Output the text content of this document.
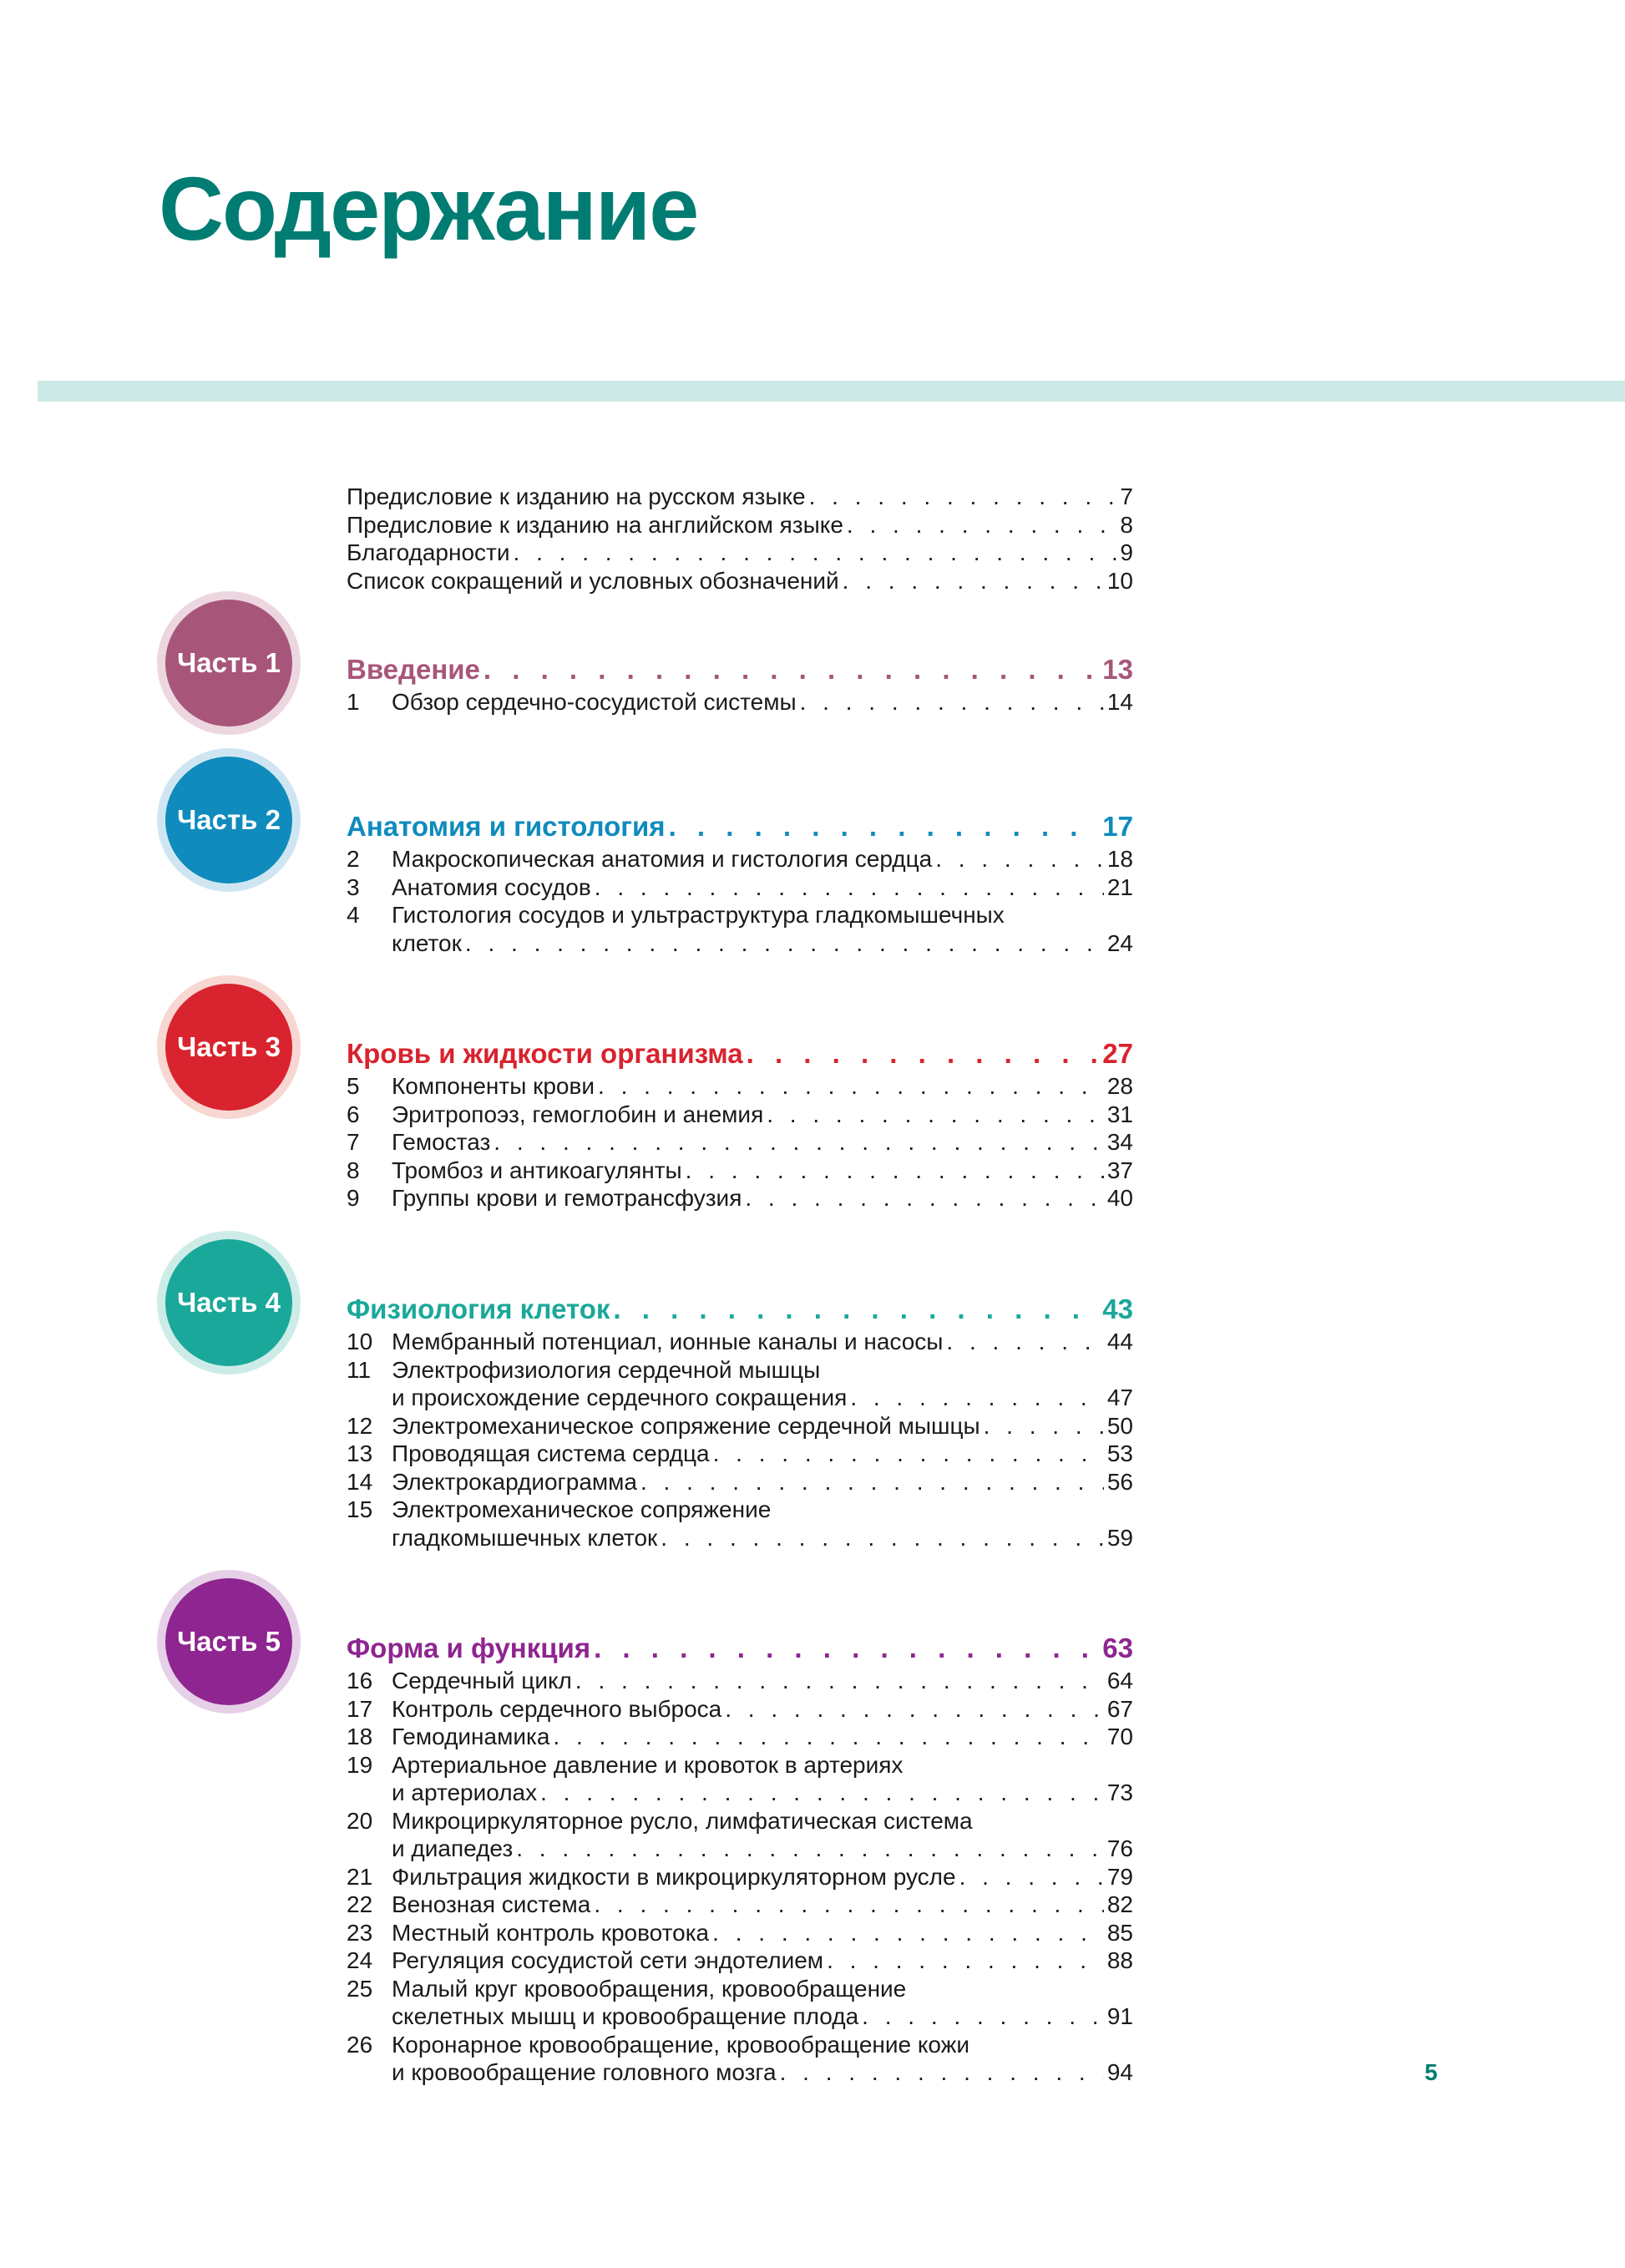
Содержание
Предисловие к изданию на русском языке . . .	7
Предисловие к изданию на английском языке . . .	8
Благодарности . . .	9
Список сокращений и условных обозначений . . .	10
Часть 1	Введение . . .	13
1	Обзор сердечно-сосудистой системы . . .	14
Часть 2	Анатомия и гистология . . .	17
2	Макроскопическая анатомия и гистология сердца . . .	18
3	Анатомия сосудов . . .	21
4	Гистология сосудов и ультраструктура гладкомышечных
клеток . . .	24
Часть 3	Кровь и жидкости организма . . .	27
5	Компоненты крови . . .	28
6	Эритропоэз, гемоглобин и анемия . . .	31
7	Гемостаз . . .	34
8	Тромбоз и антикоагулянты . . .	37
9	Группы крови и гемотрансфузия . . .	40
Часть 4	Физиология клеток . . .	43
10 Мембранный потенциал, ионные каналы и насосы . . .	44
11 Электрофизиология сердечной мышцы
и происхождение сердечного сокращения . . .	47
12 Электромеханическое сопряжение сердечной мышцы . . .	50
13 Проводящая система сердца . . .	53
14 Электрокардиограмма . . .	56
15 Электромеханическое сопряжение
гладкомышечных клеток . . .	59
Часть 5	Форма и функция . . .	63
16 Сердечный цикл . . .	64
17 Контроль сердечного выброса . . .	67
18 Гемодинамика . . .	70
19 Артериальное давление и кровоток в артериях
и артериолах . . .	73
20 Микроциркуляторное русло, лимфатическая система
и диапедез . . .	76
21 Фильтрация жидкости в микроциркуляторном русле . . .	79
22 Венозная система . . .	82
23 Местный контроль кровотока . . .	85
24 Регуляция сосудистой сети эндотелием . . .	88
25 Малый круг кровообращения, кровообращение
скелетных мышц и кровообращение плода . . .	91
26 Коронарное кровообращение, кровообращение кожи
и кровообращение головного мозга . . .	94	5
